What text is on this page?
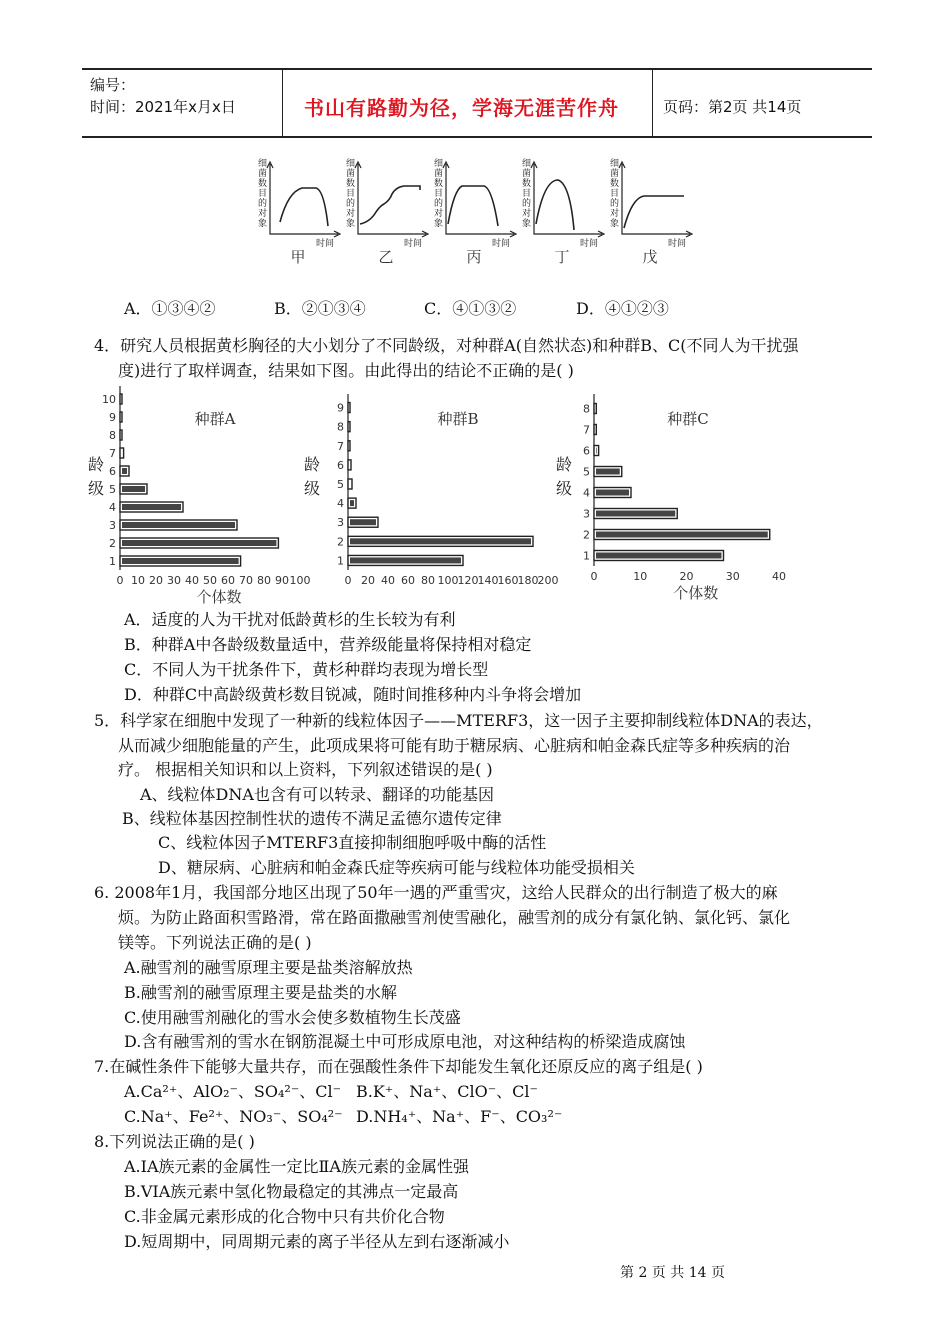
编号：
时间：2021年x月x日	书山有路勤为径，学海无涯苦作舟	页码：第2页 共14页
细
菌
数
目
的
对
象
时间
甲
细
菌
数
目
的
对
象
时间
乙
细
菌
数
目
的
对
象
时间
丙
细
菌
数
目
的
对
象
时间
丁
细
菌
数
目
的
对
象
时间
戊
A．①③④②	B．②①③④	C．④①③②	D．④①②③
4．研究人员根据黄杉胸径的大小划分了不同龄级，对种群A(自然状态)和种群B、C(不同人为干扰强
度)进行了取样调查，结果如下图。由此得出的结论不正确的是( )
1
2
3
4
5
6
7
8
9
10
0 10 20 30 40 50 60 70 80 90 100
种群A
龄
级
个体数
1
2
3
4
5
6
7
8
9
0 20 40 60 80 100 120 140 160 180 200
种群B
龄
级
1
2
3
4
5
6
7
8
0	10	20	30	40
种群C
龄
级
个体数
A．适度的人为干扰对低龄黄杉的生长较为有利
B．种群A中各龄级数量适中，营养级能量将保持相对稳定
C．不同人为干扰条件下，黄杉种群均表现为增长型
D．种群C中高龄级黄杉数目锐减，随时间推移种内斗争将会增加
5．科学家在细胞中发现了一种新的线粒体因子——MTERF3，这一因子主要抑制线粒体DNA的表达，
从而减少细胞能量的产生，此项成果将可能有助于糖尿病、心脏病和帕金森氏症等多种疾病的治
疗。 根据相关知识和以上资料，下列叙述错误的是( )
A、线粒体DNA也含有可以转录、翻译的功能基因
B、线粒体基因控制性状的遗传不满足孟德尔遗传定律
C、线粒体因子MTERF3直接抑制细胞呼吸中酶的活性
D、糖尿病、心脏病和帕金森氏症等疾病可能与线粒体功能受损相关
6. 2008年1月，我国部分地区出现了50年一遇的严重雪灾，这给人民群众的出行制造了极大的麻
烦。为防止路面积雪路滑，常在路面撒融雪剂使雪融化，融雪剂的成分有氯化钠、氯化钙、氯化
镁等。下列说法正确的是( )
A.融雪剂的融雪原理主要是盐类溶解放热
B.融雪剂的融雪原理主要是盐类的水解
C.使用融雪剂融化的雪水会使多数植物生长茂盛
D.含有融雪剂的雪水在钢筋混凝土中可形成原电池，对这种结构的桥梁造成腐蚀
7.在碱性条件下能够大量共存，而在强酸性条件下却能发生氧化还原反应的离子组是( )
A.Ca²⁺、AlO₂⁻、SO₄²⁻、Cl⁻ B.K⁺、Na⁺、ClO⁻、Cl⁻
C.Na⁺、Fe²⁺、NO₃⁻、SO₄²⁻ D.NH₄⁺、Na⁺、F⁻、CO₃²⁻
8.下列说法正确的是( )
A.ⅠA族元素的金属性一定比ⅡA族元素的金属性强
B.VIA族元素中氢化物最稳定的其沸点一定最高
C.非金属元素形成的化合物中只有共价化合物
D.短周期中，同周期元素的离子半径从左到右逐渐减小
第 2 页 共 14 页
